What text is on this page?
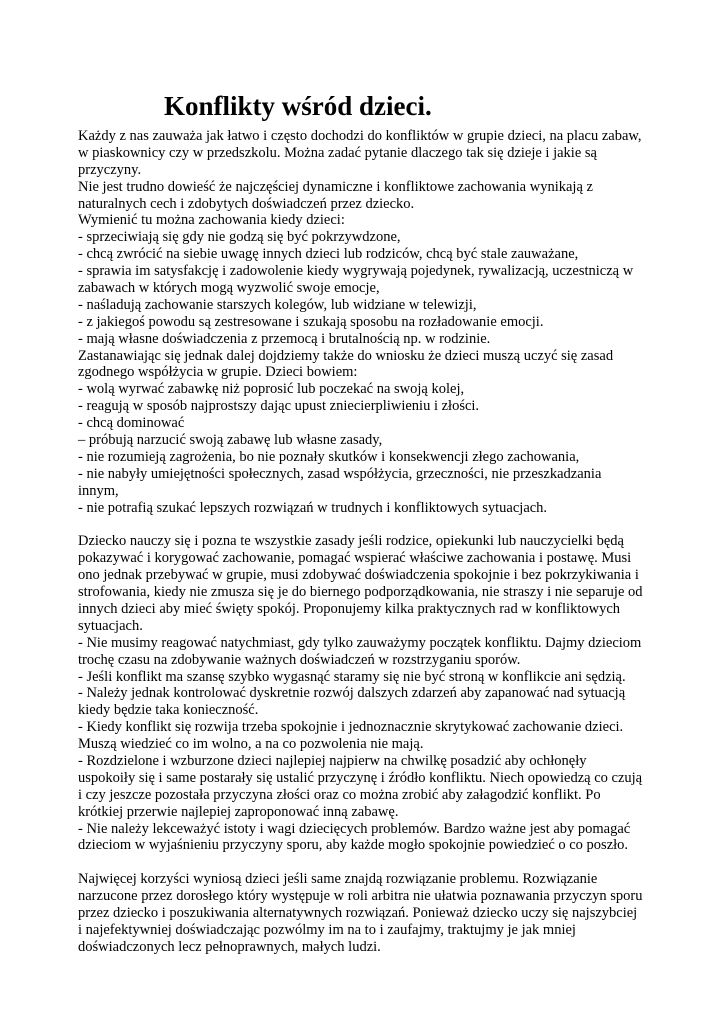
Konflikty wśród dzieci.
Każdy z nas zauważa jak łatwo i często dochodzi do konfliktów w grupie dzieci, na placu zabaw,
w piaskownicy czy w przedszkolu. Można zadać pytanie dlaczego tak się dzieje i jakie są
przyczyny.
Nie jest trudno dowieść że najczęściej dynamiczne i konfliktowe zachowania wynikają z
naturalnych cech i zdobytych doświadczeń przez dziecko.
Wymienić tu można zachowania kiedy dzieci:
- sprzeciwiają się gdy nie godzą się być pokrzywdzone,
- chcą zwrócić na siebie uwagę innych dzieci lub rodziców, chcą być stale zauważane,
- sprawia im satysfakcję i zadowolenie kiedy wygrywają pojedynek, rywalizacją, uczestniczą w
zabawach w których mogą wyzwolić swoje emocje,
- naśladują zachowanie starszych kolegów, lub widziane w telewizji,
- z jakiegoś powodu są zestresowane i szukają sposobu na rozładowanie emocji.
- mają własne doświadczenia z przemocą i brutalnością np. w rodzinie.
Zastanawiając się jednak dalej dojdziemy także do wniosku że dzieci muszą uczyć się zasad
zgodnego współżycia w grupie. Dzieci bowiem:
- wolą wyrwać zabawkę niż poprosić lub poczekać na swoją kolej,
- reagują w sposób najprostszy dając upust zniecierpliwieniu i złości.
- chcą dominować
– próbują narzucić swoją zabawę lub własne zasady,
- nie rozumieją zagrożenia, bo nie poznały skutków i konsekwencji złego zachowania,
- nie nabyły umiejętności społecznych, zasad współżycia, grzeczności, nie przeszkadzania
innym,
- nie potrafią szukać lepszych rozwiązań w trudnych i konfliktowych sytuacjach.
Dziecko nauczy się i pozna te wszystkie zasady jeśli rodzice, opiekunki lub nauczycielki będą
pokazywać i korygować zachowanie, pomagać wspierać właściwe zachowania i postawę. Musi
ono jednak przebywać w grupie, musi zdobywać doświadczenia spokojnie i bez pokrzykiwania i
strofowania, kiedy nie zmusza się je do biernego podporządkowania, nie straszy i nie separuje od
innych dzieci aby mieć święty spokój. Proponujemy kilka praktycznych rad w konfliktowych
sytuacjach.
- Nie musimy reagować natychmiast, gdy tylko zauważymy początek konfliktu. Dajmy dzieciom
trochę czasu na zdobywanie ważnych doświadczeń w rozstrzyganiu sporów.
- Jeśli konflikt ma szansę szybko wygasnąć staramy się nie być stroną w konflikcie ani sędzią.
- Należy jednak kontrolować dyskretnie rozwój dalszych zdarzeń aby zapanować nad sytuacją
kiedy będzie taka konieczność.
- Kiedy konflikt się rozwija trzeba spokojnie i jednoznacznie skrytykować zachowanie dzieci.
Muszą wiedzieć co im wolno, a na co pozwolenia nie mają.
- Rozdzielone i wzburzone dzieci najlepiej najpierw na chwilkę posadzić aby ochłonęły
uspokoiły się i same postarały się ustalić przyczynę i źródło konfliktu. Niech opowiedzą co czują
i czy jeszcze pozostała przyczyna złości oraz co można zrobić aby załagodzić konflikt. Po
krótkiej przerwie najlepiej zaproponować inną zabawę.
- Nie należy lekceważyć istoty i wagi dziecięcych problemów. Bardzo ważne jest aby pomagać
dzieciom w wyjaśnieniu przyczyny sporu, aby każde mogło spokojnie powiedzieć o co poszło.
Najwięcej korzyści wyniosą dzieci jeśli same znajdą rozwiązanie problemu. Rozwiązanie
narzucone przez dorosłego który występuje w roli arbitra nie ułatwia poznawania przyczyn sporu
przez dziecko i poszukiwania alternatywnych rozwiązań. Ponieważ dziecko uczy się najszybciej
i najefektywniej doświadczając pozwólmy im na to i zaufajmy, traktujmy je jak mniej
doświadczonych lecz pełnoprawnych, małych ludzi.
